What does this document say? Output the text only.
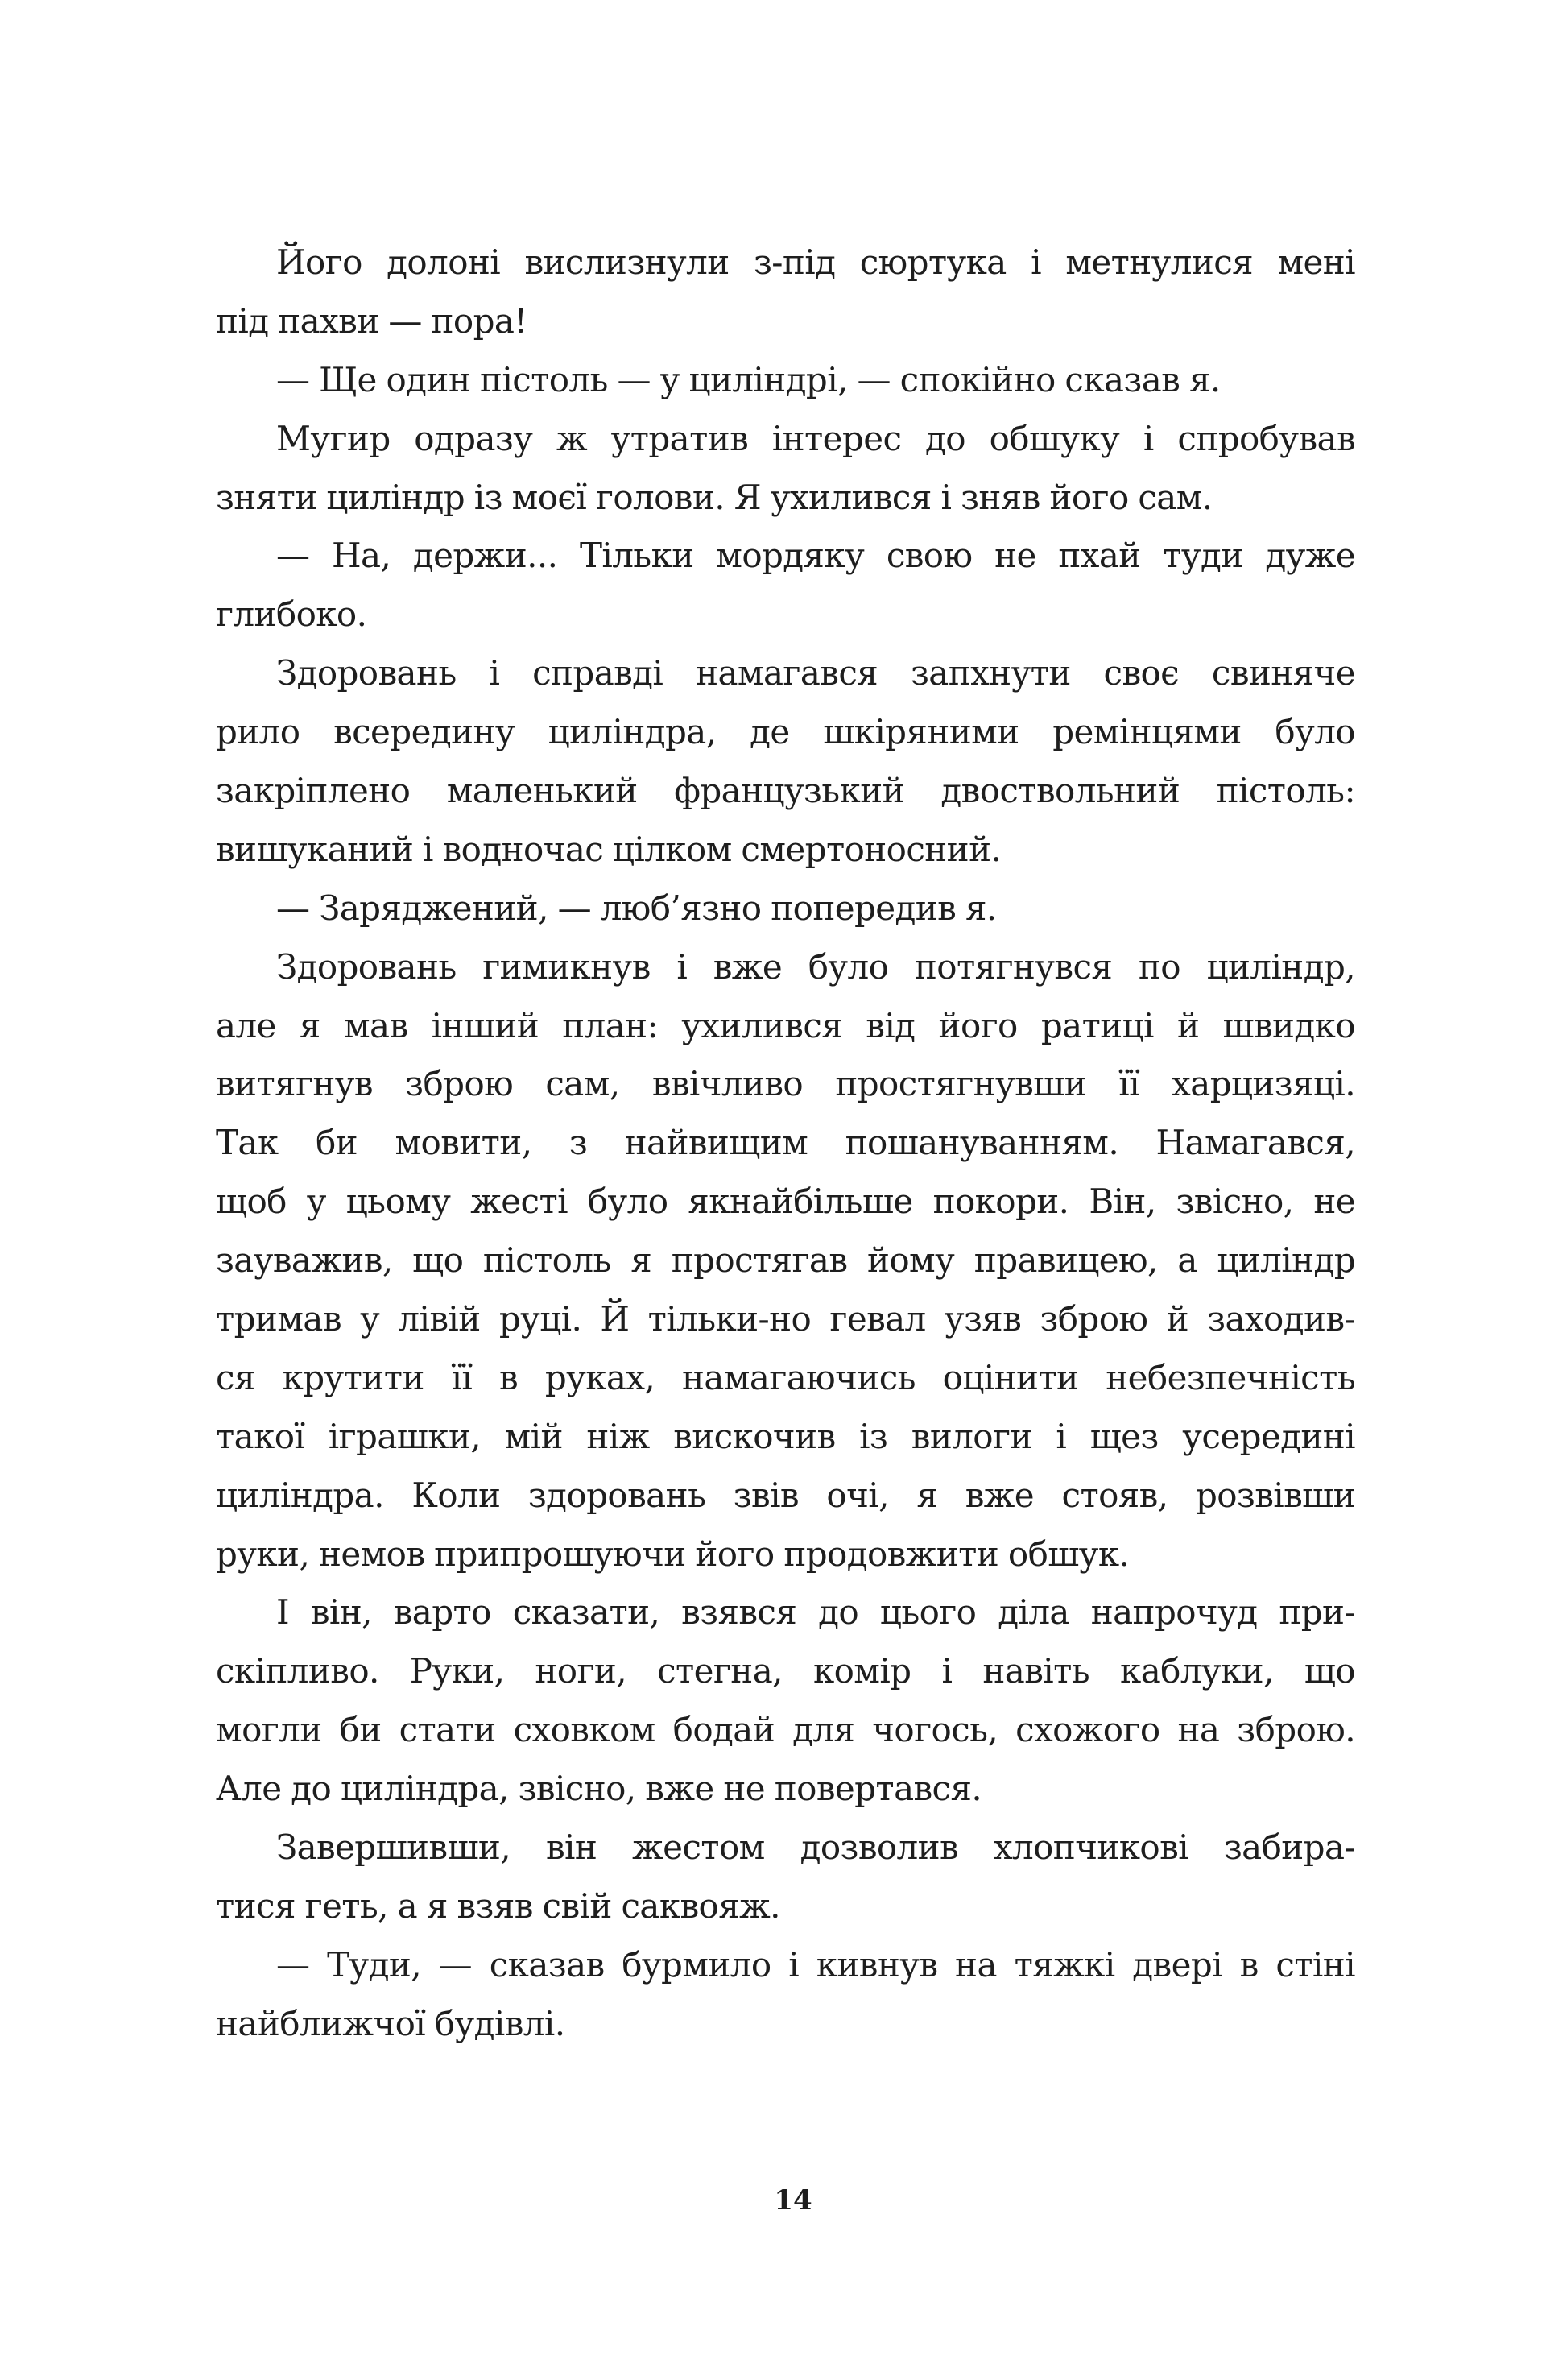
Його долоні вислизнули з-під сюртука і метнулися мені
під пахви — пора!
— Ще один пістоль — у циліндрі, — спокійно сказав я.
Мугир одразу ж утратив інтерес до обшуку і спробував
зняти циліндр із моєї голови. Я ухилився і зняв його сам.
— На, держи... Тільки мордяку свою не пхай туди дуже
глибоко.
Здоровань і справді намагався запхнути своє свиняче
рило всередину циліндра, де шкіряними ремінцями було
закріплено маленький французький двоствольний пістоль:
вишуканий і водночас цілком смертоносний.
— Заряджений, — люб’язно попередив я.
Здоровань гимикнув і вже було потягнувся по циліндр,
але я мав інший план: ухилився від його ратиці й швидко
витягнув зброю сам, ввічливо простягнувши її харцизяці.
Так би мовити, з найвищим пошануванням. Намагався,
щоб у цьому жесті було якнайбільше покори. Він, звісно, не
зауважив, що пістоль я простягав йому правицею, а циліндр
тримав у лівій руці. Й тільки-но гевал узяв зброю й заходив-
ся крутити її в руках, намагаючись оцінити небезпечність
такої іграшки, мій ніж вискочив із вилоги і щез усередині
циліндра. Коли здоровань звів очі, я вже стояв, розвівши
руки, немов припрошуючи його продовжити обшук.
І він, варто сказати, взявся до цього діла напрочуд при-
скіпливо. Руки, ноги, стегна, комір і навіть каблуки, що
могли би стати сховком бодай для чогось, схожого на зброю.
Але до циліндра, звісно, вже не повертався.
Завершивши, він жестом дозволив хлопчикові забира-
тися геть, а я взяв свій саквояж.
— Туди, — сказав бурмило і кивнув на тяжкі двері в стіні
найближчої будівлі.
14
